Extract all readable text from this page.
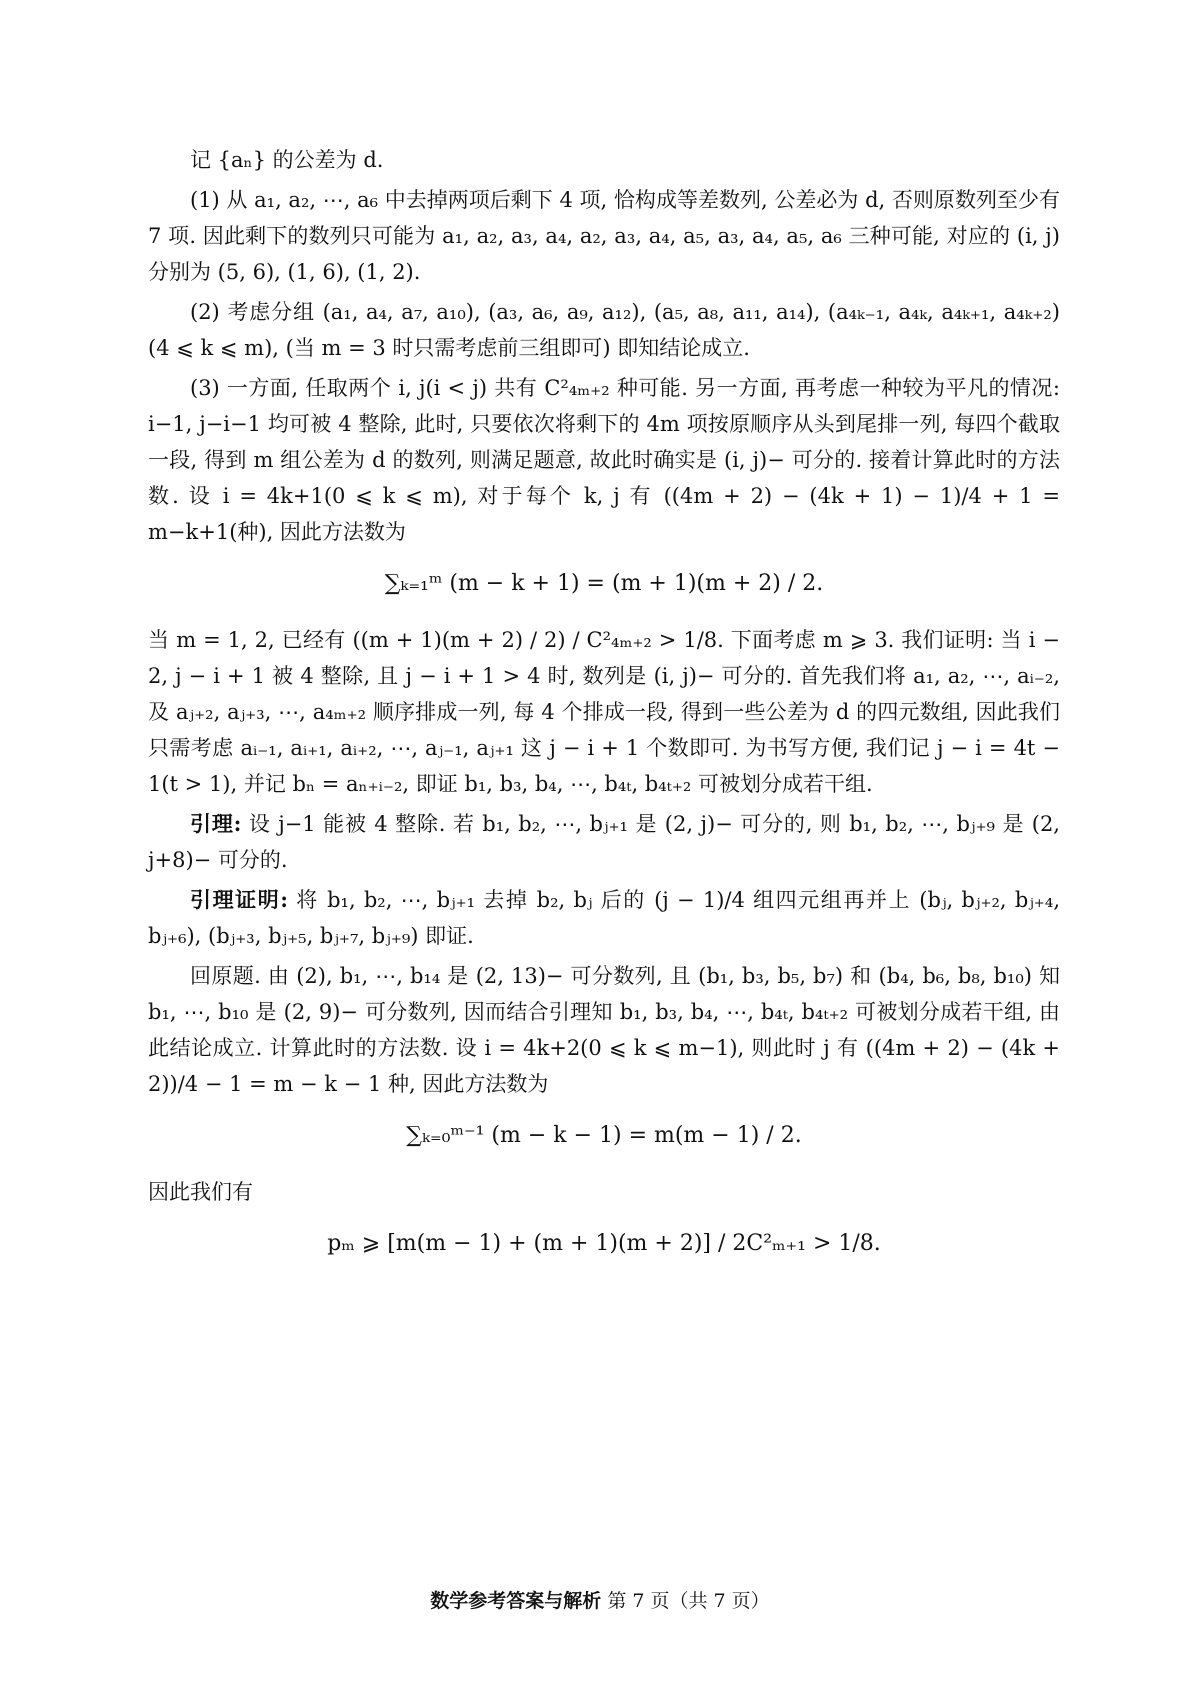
记 {aₙ} 的公差为 d.

(1) 从 a₁, a₂, ⋯, a₆ 中去掉两项后剩下 4 项, 恰构成等差数列, 公差必为 d, 否则原数列至少有 7 项. 因此剩下的数列只可能为 a₁, a₂, a₃, a₄, a₂, a₃, a₄, a₅, a₃, a₄, a₅, a₆ 三种可能, 对应的 (i, j) 分别为 (5, 6), (1, 6), (1, 2).

(2) 考虑分组 (a₁, a₄, a₇, a₁₀), (a₃, a₆, a₉, a₁₂), (a₅, a₈, a₁₁, a₁₄), (a₄ₖ₋₁, a₄ₖ, a₄ₖ₊₁, a₄ₖ₊₂)(4 ⩽ k ⩽ m), (当 m = 3 时只需考虑前三组即可) 即知结论成立.

(3) 一方面, 任取两个 i, j(i < j) 共有 C²₄ₘ₊₂ 种可能. 另一方面, 再考虑一种较为平凡的情况: i−1, j−i−1 均可被 4 整除, 此时, 只要依次将剩下的 4m 项按原顺序从头到尾排一列, 每四个截取一段, 得到 m 组公差为 d 的数列, 则满足题意, 故此时确实是 (i, j)− 可分的. 接着计算此时的方法数. 设 i = 4k+1(0 ⩽ k ⩽ m), 对于每个 k, j 有 ((4m + 2) − (4k + 1) − 1)/4 + 1 = m−k+1(种), 因此方法数为

∑ₖ₌₁ᵐ (m − k + 1) = (m + 1)(m + 2) / 2.

当 m = 1, 2, 已经有 ((m + 1)(m + 2) / 2) / C²₄ₘ₊₂ > 1/8. 下面考虑 m ⩾ 3. 我们证明: 当 i − 2, j − i + 1 被 4 整除, 且 j − i + 1 > 4 时, 数列是 (i, j)− 可分的. 首先我们将 a₁, a₂, ⋯, aᵢ₋₂, 及 aⱼ₊₂, aⱼ₊₃, ⋯, a₄ₘ₊₂ 顺序排成一列, 每 4 个排成一段, 得到一些公差为 d 的四元数组, 因此我们只需考虑 aᵢ₋₁, aᵢ₊₁, aᵢ₊₂, ⋯, aⱼ₋₁, aⱼ₊₁ 这 j − i + 1 个数即可. 为书写方便, 我们记 j − i = 4t − 1(t > 1), 并记 bₙ = aₙ₊ᵢ₋₂, 即证 b₁, b₃, b₄, ⋯, b₄ₜ, b₄ₜ₊₂ 可被划分成若干组.

引理: 设 j−1 能被 4 整除. 若 b₁, b₂, ⋯, bⱼ₊₁ 是 (2, j)− 可分的, 则 b₁, b₂, ⋯, bⱼ₊₉ 是 (2, j+8)− 可分的.

引理证明: 将 b₁, b₂, ⋯, bⱼ₊₁ 去掉 b₂, bⱼ 后的 (j − 1)/4 组四元组再并上 (bⱼ, bⱼ₊₂, bⱼ₊₄, bⱼ₊₆), (bⱼ₊₃, bⱼ₊₅, bⱼ₊₇, bⱼ₊₉) 即证.

回原题. 由 (2), b₁, ⋯, b₁₄ 是 (2, 13)− 可分数列, 且 (b₁, b₃, b₅, b₇) 和 (b₄, b₆, b₈, b₁₀) 知 b₁, ⋯, b₁₀ 是 (2, 9)− 可分数列, 因而结合引理知 b₁, b₃, b₄, ⋯, b₄ₜ, b₄ₜ₊₂ 可被划分成若干组, 由此结论成立. 计算此时的方法数. 设 i = 4k+2(0 ⩽ k ⩽ m−1), 则此时 j 有 ((4m + 2) − (4k + 2))/4 − 1 = m − k − 1 种, 因此方法数为

∑ₖ₌₀ᵐ⁻¹ (m − k − 1) = m(m − 1) / 2.

因此我们有

pₘ ⩾ [m(m − 1) + (m + 1)(m + 2)] / 2C²ₘ₊₁ > 1/8.
数学参考答案与解析 第 7 页（共 7 页）
